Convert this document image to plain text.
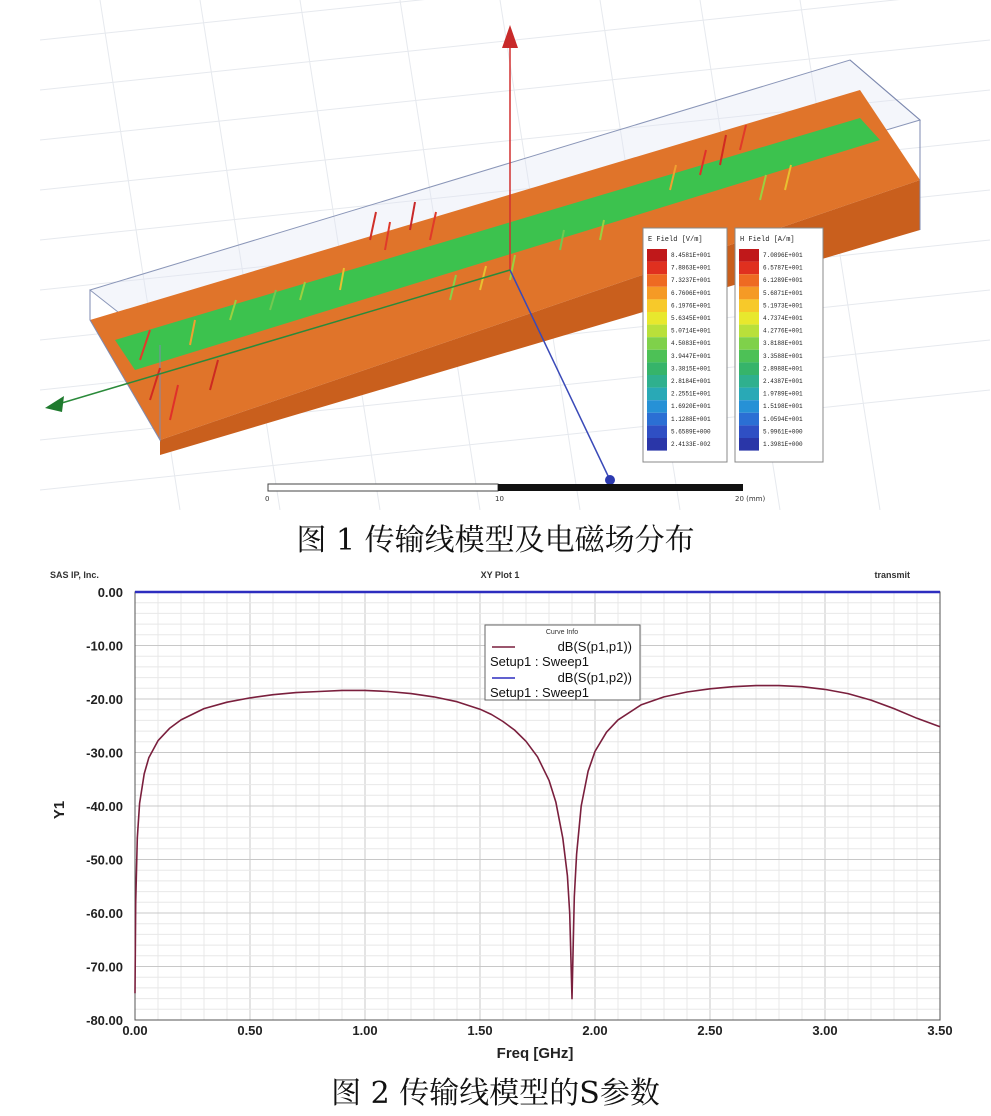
E Field [V/m]
8.4581E+001
7.8863E+001
7.3237E+001
6.7606E+001
6.1976E+001
5.6345E+001
5.0714E+001
4.5083E+001
3.9447E+001
3.3815E+001
2.8184E+001
2.2551E+001
1.6920E+001
1.1288E+001
5.6589E+000
2.4133E-002
H Field [A/m]
7.0896E+001
6.5787E+001
6.1289E+001
5.6871E+001
5.1973E+001
4.7374E+001
4.2776E+001
3.8188E+001
3.3588E+001
2.8988E+001
2.4387E+001
1.9789E+001
1.5198E+001
1.0594E+001
5.9961E+000
1.3981E+000
0	10	20 (mm)
图 1 传输线模型及电磁场分布
SAS IP, Inc.	XY Plot 1	transmit
0.00
-10.00
-20.00
-30.00
-40.00
-50.00
-60.00
-70.00
-80.00
0.00	0.50	1.00	1.50	2.00	2.50	3.00	3.50
Y1
Freq [GHz]
Curve Info
dB(S(p1,p1))
Setup1 : Sweep1
dB(S(p1,p2))
Setup1 : Sweep1
图 2 传输线模型的S参数
